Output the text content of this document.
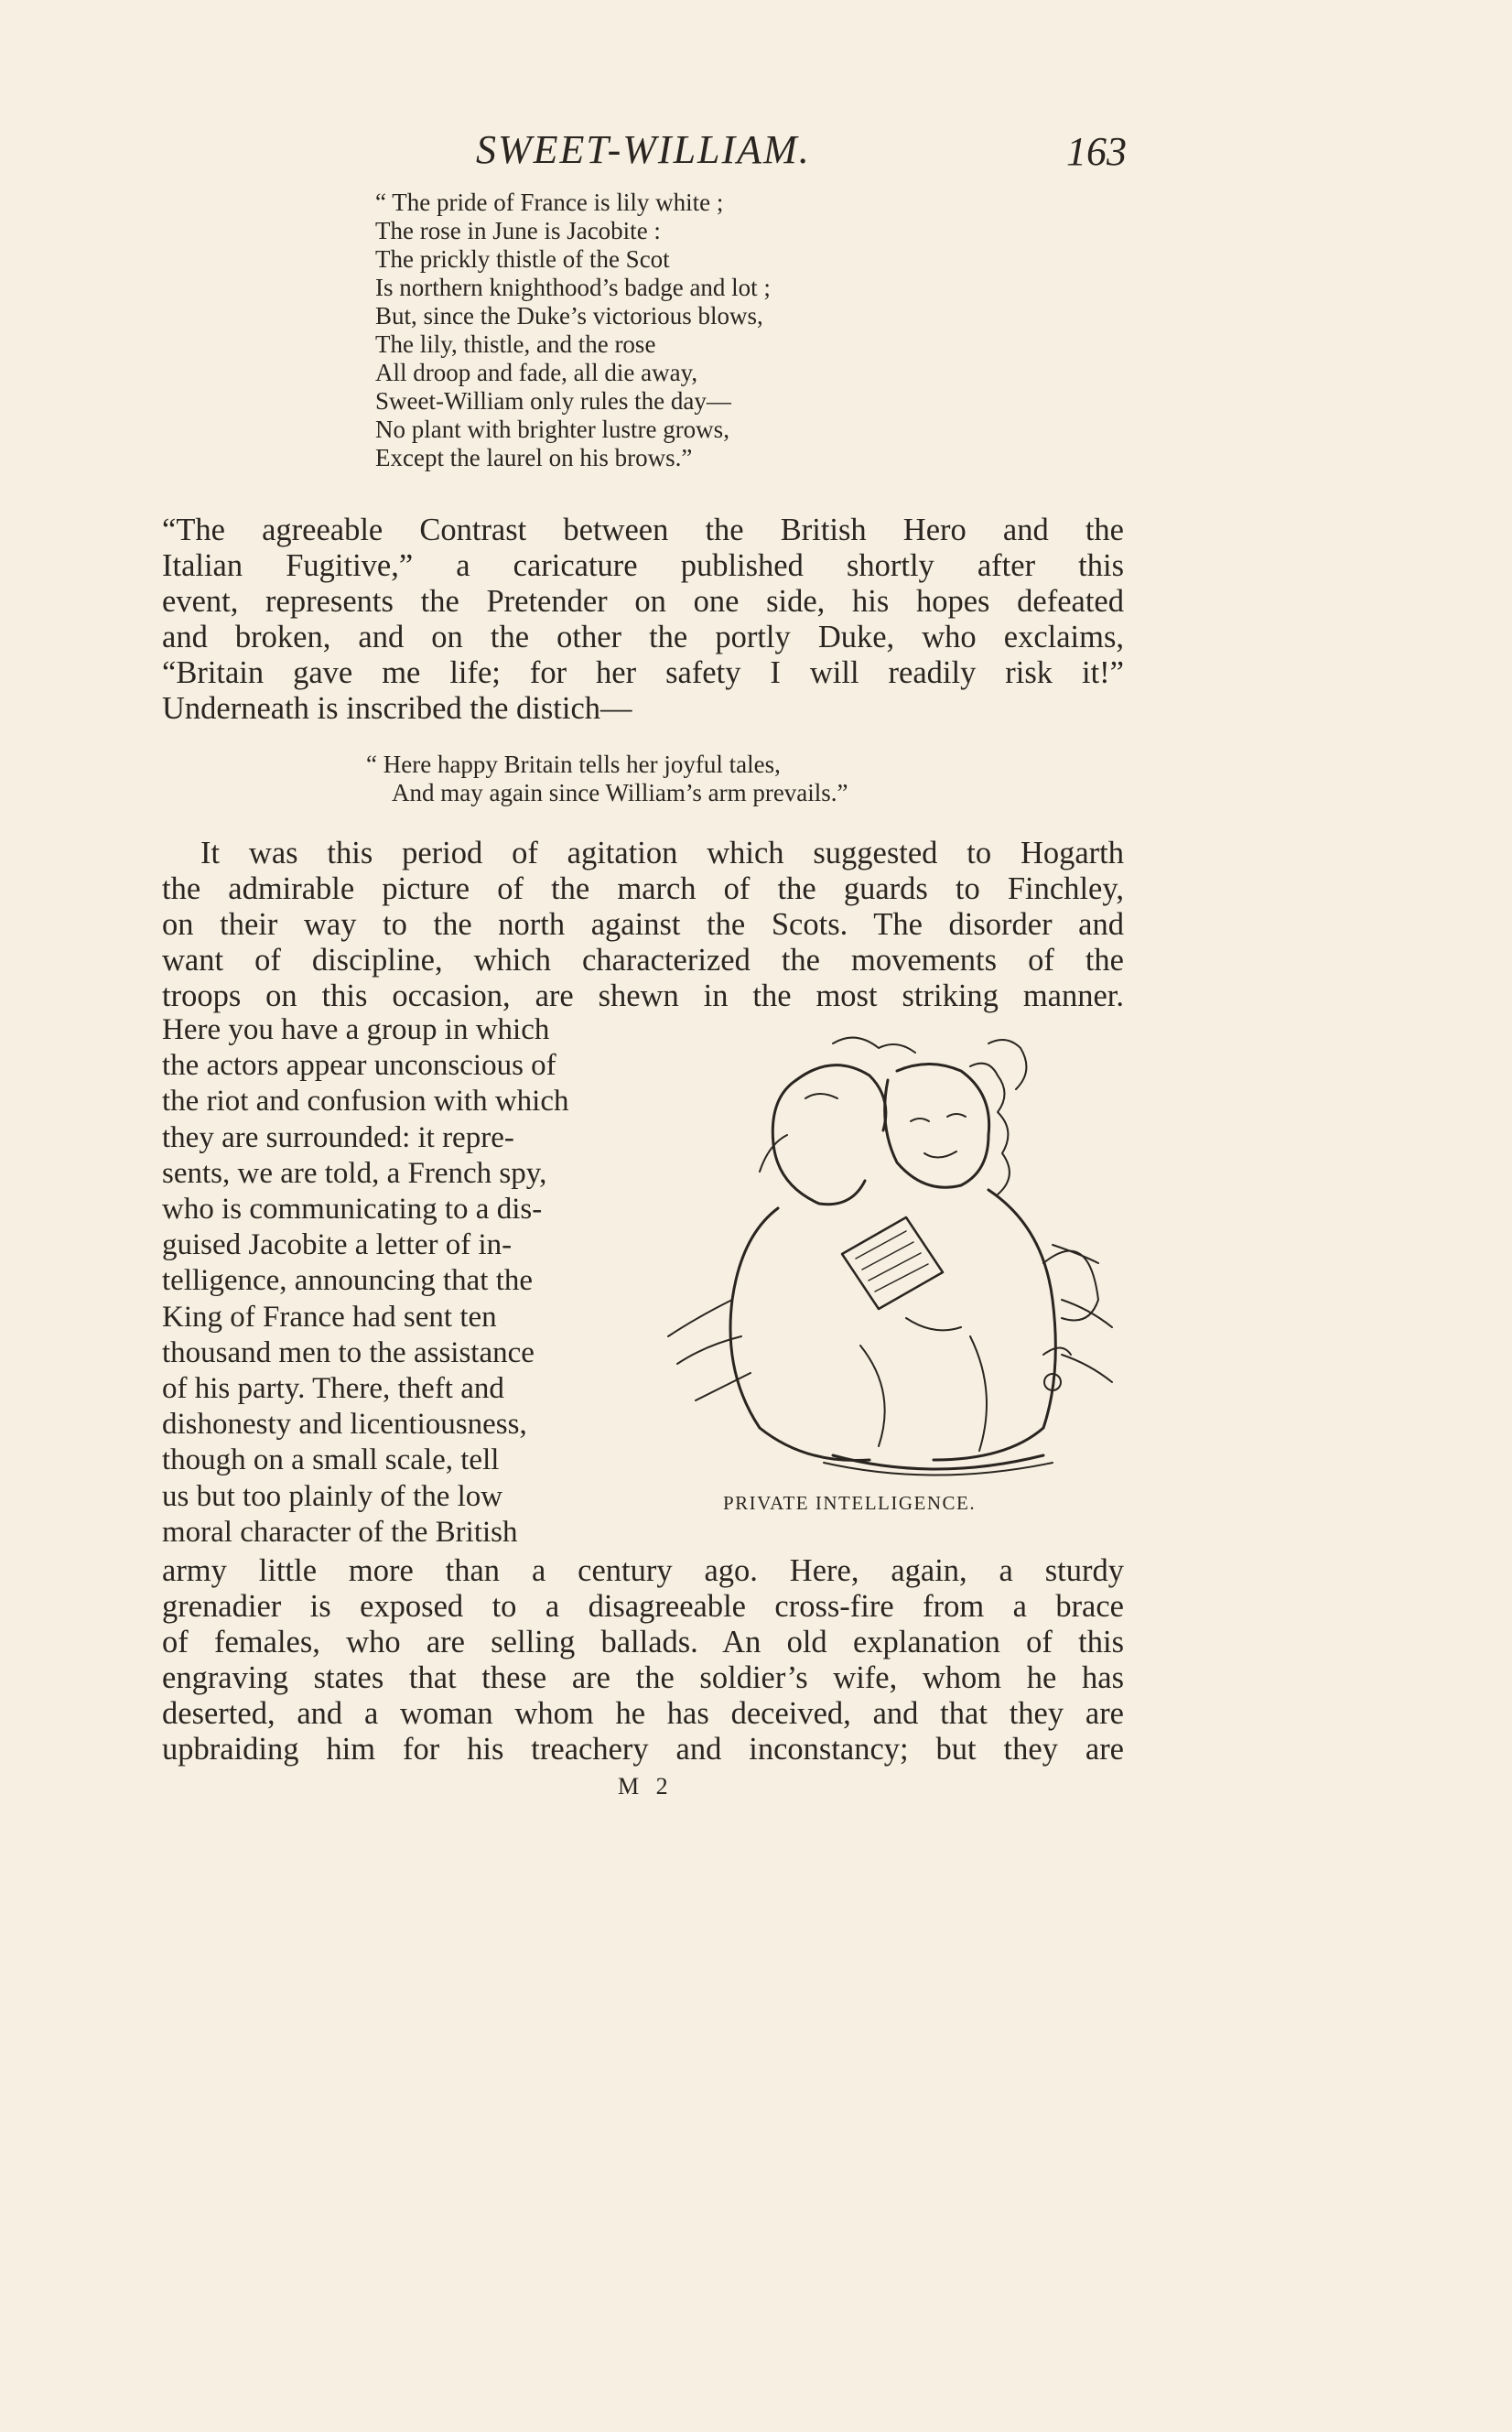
SWEET-WILLIAM.	163
“ The pride of France is lily white ;
The rose in June is Jacobite :
The prickly thistle of the Scot
Is northern knighthood’s badge and lot ;
But, since the Duke’s victorious blows,
The lily, thistle, and the rose
All droop and fade, all die away,
Sweet-William only rules the day—
No plant with brighter lustre grows,
Except the laurel on his brows.”
“The agreeable Contrast between the British Hero and the
Italian Fugitive,” a caricature published shortly after this
event, represents the Pretender on one side, his hopes defeated
and broken, and on the other the portly Duke, who exclaims,
“Britain gave me life; for her safety I will readily risk it!”
Underneath is inscribed the distich—
“ Here happy Britain tells her joyful tales,
And may again since William’s arm prevails.”
It was this period of agitation which suggested to Hogarth
the admirable picture of the march of the guards to Finchley,
on their way to the north against the Scots. The disorder and
want of discipline, which characterized the movements of the
troops on this occasion, are shewn in the most striking manner.
Here you have a group in which
the actors appear unconscious of
the riot and confusion with which
they are surrounded: it repre-
sents, we are told, a French spy,
who is communicating to a dis-
guised Jacobite a letter of in-
telligence, announcing that the
King of France had sent ten
thousand men to the assistance
of his party. There, theft and
dishonesty and licentiousness,
though on a small scale, tell
us but too plainly of the low
moral character of the British
PRIVATE INTELLIGENCE.
army little more than a century ago. Here, again, a sturdy
grenadier is exposed to a disagreeable cross-fire from a brace
of females, who are selling ballads. An old explanation of this
engraving states that these are the soldier’s wife, whom he has
deserted, and a woman whom he has deceived, and that they are
upbraiding him for his treachery and inconstancy; but they are
M 2
